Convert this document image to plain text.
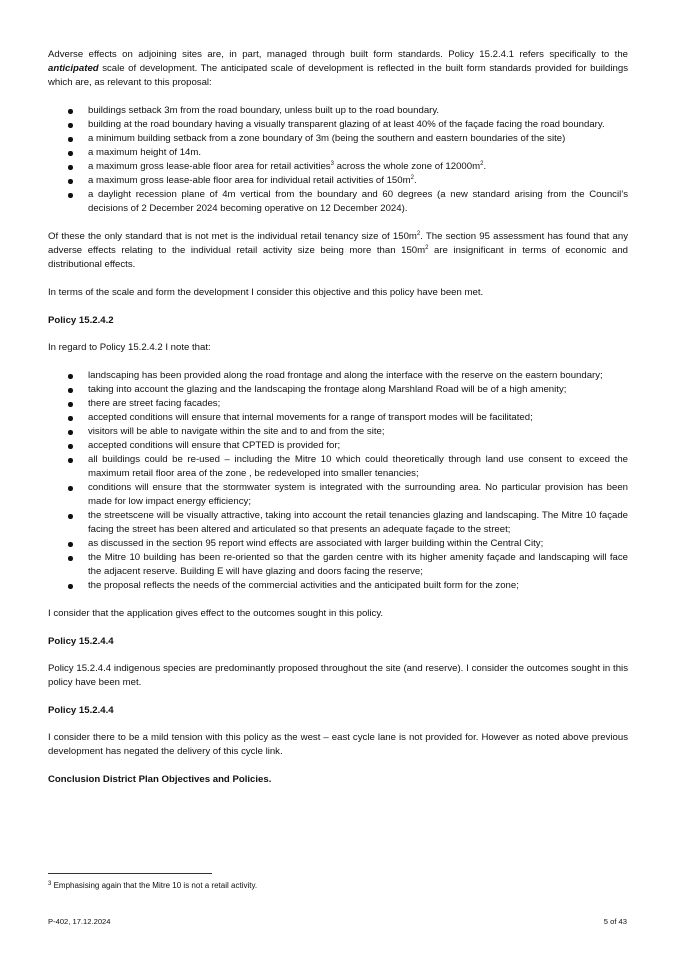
Adverse effects on adjoining sites are, in part, managed through built form standards. Policy 15.2.4.1 refers specifically to the anticipated scale of development. The anticipated scale of development is reflected in the built form standards provided for buildings which are, as relevant to this proposal:

buildings setback 3m from the road boundary, unless built up to the road boundary.
building at the road boundary having a visually transparent glazing of at least 40% of the façade facing the road boundary.
a minimum building setback from a zone boundary of 3m (being the southern and eastern boundaries of the site)
a maximum height of 14m.
a maximum gross lease-able floor area for retail activities$^3$ across the whole zone of $12000m^2$.
a maximum gross lease-able floor area for individual retail activities of $150m^2$.
a daylight recession plane of 4m vertical from the boundary and 60 degrees (a new standard arising from the Council’s decisions of 2 December 2024 becoming operative on 12 December 2024).

Of these the only standard that is not met is the individual retail tenancy size of $150m^2$. The section 95 assessment has found that any adverse effects relating to the individual retail activity size being more than $150m^2$ are insignificant in terms of economic and distributional effects.

In terms of the scale and form the development I consider this objective and this policy have been met.

Policy 15.2.4.2

In regard to Policy 15.2.4.2 I note that:

landscaping has been provided along the road frontage and along the interface with the reserve on the eastern boundary;
taking into account the glazing and the landscaping the frontage along Marshland Road will be of a high amenity;
there are street facing facades;
accepted conditions will ensure that internal movements for a range of transport modes will be facilitated;
visitors will be able to navigate within the site and to and from the site;
accepted conditions will ensure that CPTED is provided for;
all buildings could be re-used – including the Mitre 10 which could theoretically through land use consent to exceed the maximum retail floor area of the zone , be redeveloped into smaller tenancies;
conditions will ensure that the stormwater system is integrated with the surrounding area. No particular provision has been made for low impact energy efficiency;
the streetscene will be visually attractive, taking into account the retail tenancies glazing and landscaping. The Mitre 10 façade facing the street has been altered and articulated so that presents an adequate façade to the street;
as discussed in the section 95 report wind effects are associated with larger building within the Central City;
the Mitre 10 building has been re-oriented so that the garden centre with its higher amenity façade and landscaping will face the adjacent reserve. Building E will have glazing and doors facing the reserve;
the proposal reflects the needs of the commercial activities and the anticipated built form for the zone;

I consider that the application gives effect to the outcomes sought in this policy.

Policy 15.2.4.4

Policy 15.2.4.4 indigenous species are predominantly proposed throughout the site (and reserve). I consider the outcomes sought in this policy have been met.

Policy 15.2.4.4

I consider there to be a mild tension with this policy as the west – east cycle lane is not provided for. However as noted above previous development has negated the delivery of this cycle link.

Conclusion District Plan Objectives and Policies.

$^3$ Emphasising again that the Mitre 10 is not a retail activity.
P-402, 17.12.2024	5 of 43
